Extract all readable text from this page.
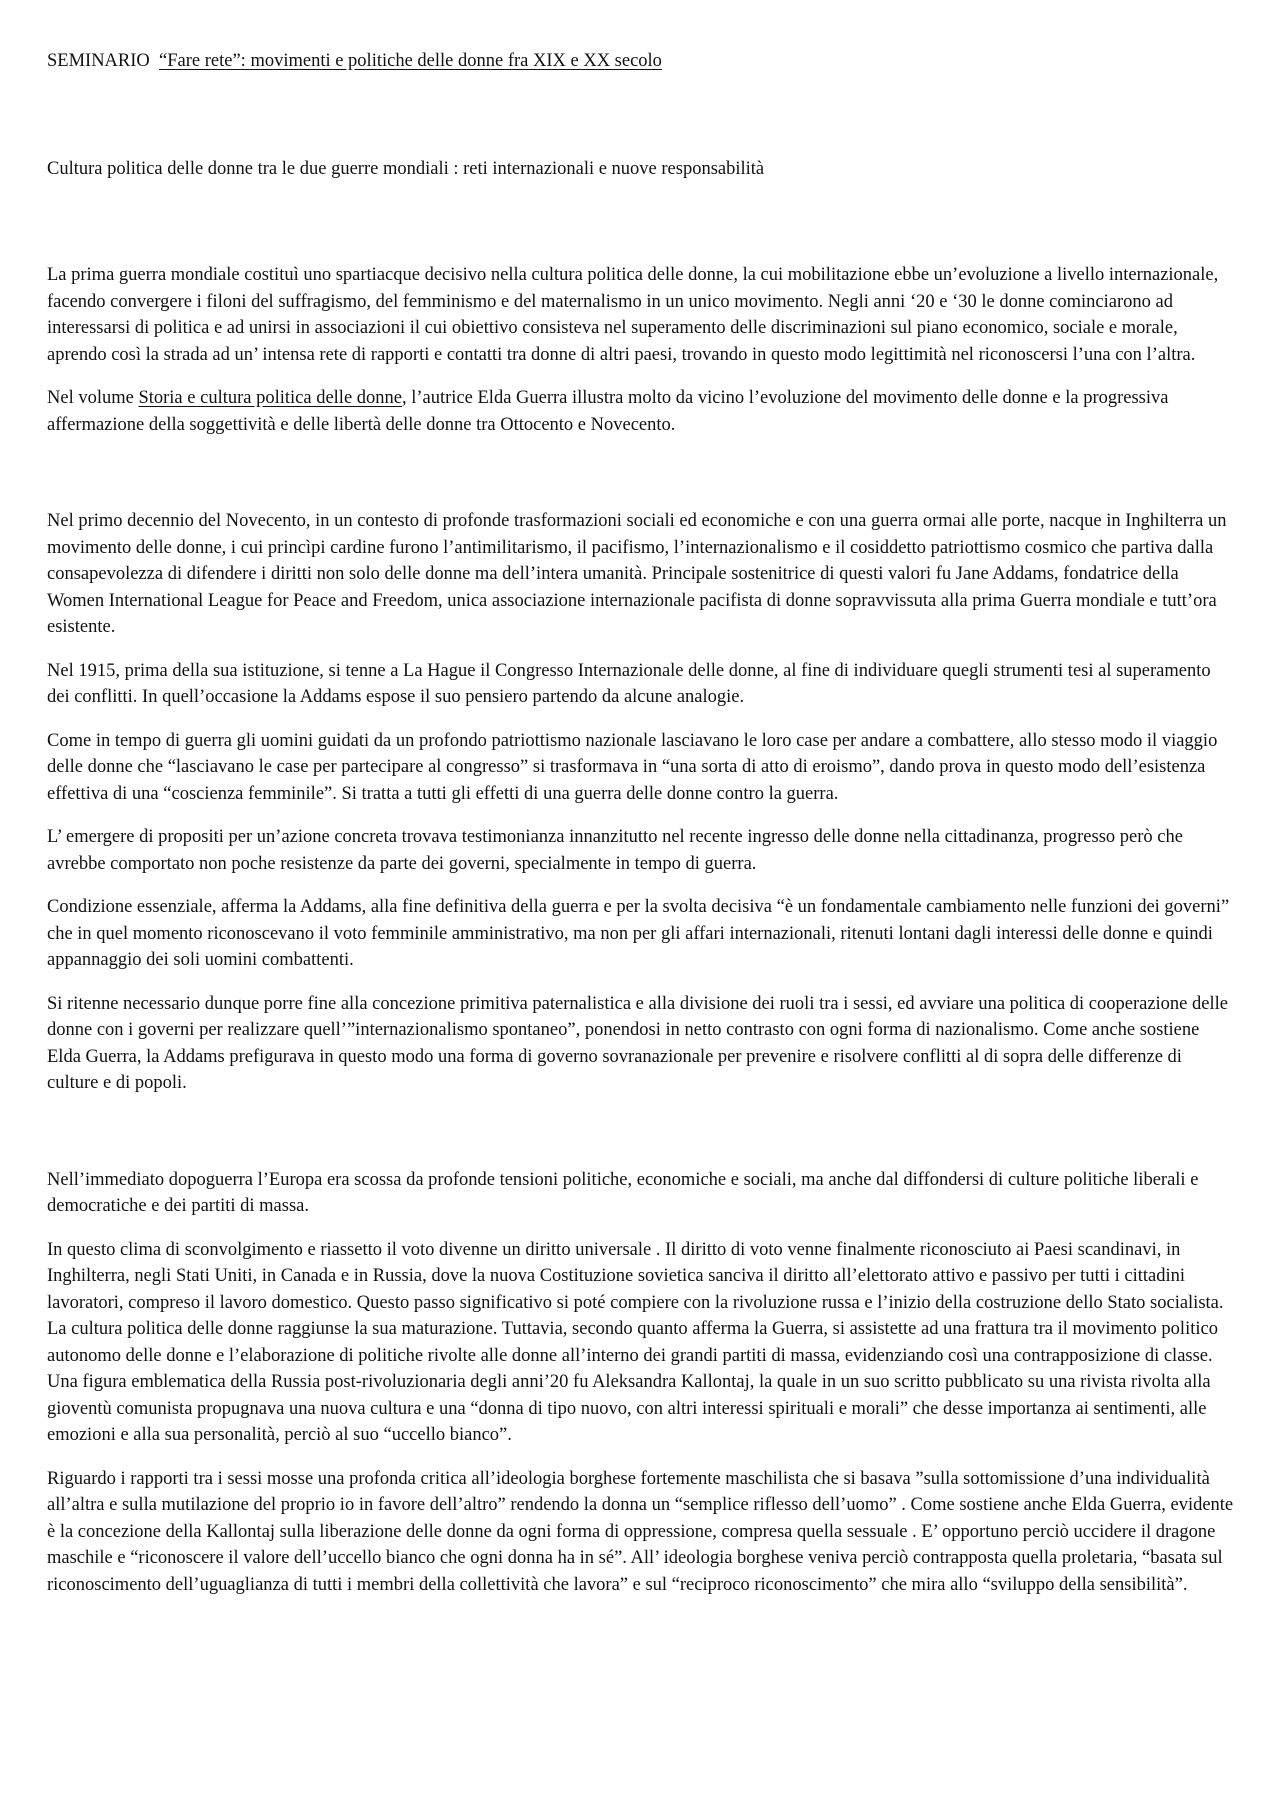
SEMINARIO “Fare rete”: movimenti e politiche delle donne fra XIX e XX secolo
Cultura politica delle donne tra le due guerre mondiali : reti internazionali e nuove responsabilità

La prima guerra mondiale costituì uno spartiacque decisivo nella cultura politica delle donne, la cui mobilitazione ebbe un’evoluzione a livello internazionale, facendo convergere i filoni del suffragismo, del femminismo e del maternalismo in un unico movimento. Negli anni ‘20 e ‘30 le donne cominciarono ad interessarsi di politica e ad unirsi in associazioni il cui obiettivo consisteva nel superamento delle discriminazioni sul piano economico, sociale e morale, aprendo così la strada ad un’ intensa rete di rapporti e contatti tra donne di altri paesi, trovando in questo modo legittimità nel riconoscersi l’una con l’altra.

Nel volume Storia e cultura politica delle donne, l’autrice Elda Guerra illustra molto da vicino l’evoluzione del movimento delle donne e la progressiva affermazione della soggettività e delle libertà delle donne tra Ottocento e Novecento.

Nel primo decennio del Novecento, in un contesto di profonde trasformazioni sociali ed economiche e con una guerra ormai alle porte, nacque in Inghilterra un movimento delle donne, i cui princìpi cardine furono l’antimilitarismo, il pacifismo, l’internazionalismo e il cosiddetto patriottismo cosmico che partiva dalla consapevolezza di difendere i diritti non solo delle donne ma dell’intera umanità. Principale sostenitrice di questi valori fu Jane Addams, fondatrice della Women International League for Peace and Freedom, unica associazione internazionale pacifista di donne sopravvissuta alla prima Guerra mondiale e tutt’ora esistente.

Nel 1915, prima della sua istituzione, si tenne a La Hague il Congresso Internazionale delle donne, al fine di individuare quegli strumenti tesi al superamento dei conflitti. In quell’occasione la Addams espose il suo pensiero partendo da alcune analogie.

Come in tempo di guerra gli uomini guidati da un profondo patriottismo nazionale lasciavano le loro case per andare a combattere, allo stesso modo il viaggio delle donne che “lasciavano le case per partecipare al congresso” si trasformava in “una sorta di atto di eroismo”, dando prova in questo modo dell’esistenza effettiva di una “coscienza femminile”. Si tratta a tutti gli effetti di una guerra delle donne contro la guerra.

L’ emergere di propositi per un’azione concreta trovava testimonianza innanzitutto nel recente ingresso delle donne nella cittadinanza, progresso però che avrebbe comportato non poche resistenze da parte dei governi, specialmente in tempo di guerra.

Condizione essenziale, afferma la Addams, alla fine definitiva della guerra e per la svolta decisiva “è un fondamentale cambiamento nelle funzioni dei governi” che in quel momento riconoscevano il voto femminile amministrativo, ma non per gli affari internazionali, ritenuti lontani dagli interessi delle donne e quindi appannaggio dei soli uomini combattenti.

Si ritenne necessario dunque porre fine alla concezione primitiva paternalistica e alla divisione dei ruoli tra i sessi, ed avviare una politica di cooperazione delle donne con i governi per realizzare quell’”internazionalismo spontaneo”, ponendosi in netto contrasto con ogni forma di nazionalismo. Come anche sostiene Elda Guerra, la Addams prefigurava in questo modo una forma di governo sovranazionale per prevenire e risolvere conflitti al di sopra delle differenze di culture e di popoli.

Nell’immediato dopoguerra l’Europa era scossa da profonde tensioni politiche, economiche e sociali, ma anche dal diffondersi di culture politiche liberali e democratiche e dei partiti di massa.

In questo clima di sconvolgimento e riassetto il voto divenne un diritto universale . Il diritto di voto venne finalmente riconosciuto ai Paesi scandinavi, in Inghilterra, negli Stati Uniti, in Canada e in Russia, dove la nuova Costituzione sovietica sanciva il diritto all’elettorato attivo e passivo per tutti i cittadini lavoratori, compreso il lavoro domestico. Questo passo significativo si poté compiere con la rivoluzione russa e l’inizio della costruzione dello Stato socialista. La cultura politica delle donne raggiunse la sua maturazione. Tuttavia, secondo quanto afferma la Guerra, si assistette ad una frattura tra il movimento politico autonomo delle donne e l’elaborazione di politiche rivolte alle donne all’interno dei grandi partiti di massa, evidenziando così una contrapposizione di classe. Una figura emblematica della Russia post-rivoluzionaria degli anni’20 fu Aleksandra Kallontaj, la quale in un suo scritto pubblicato su una rivista rivolta alla gioventù comunista propugnava una nuova cultura e una “donna di tipo nuovo, con altri interessi spirituali e morali” che desse importanza ai sentimenti, alle emozioni e alla sua personalità, perciò al suo “uccello bianco”.

Riguardo i rapporti tra i sessi mosse una profonda critica all’ideologia borghese fortemente maschilista che si basava ”sulla sottomissione d’una individualità all’altra e sulla mutilazione del proprio io in favore dell’altro” rendendo la donna un “semplice riflesso dell’uomo” . Come sostiene anche Elda Guerra, evidente è la concezione della Kallontaj sulla liberazione delle donne da ogni forma di oppressione, compresa quella sessuale . E’ opportuno perciò uccidere il dragone maschile e “riconoscere il valore dell’uccello bianco che ogni donna ha in sé”. All’ ideologia borghese veniva perciò contrapposta quella proletaria, “basata sul riconoscimento dell’uguaglianza di tutti i membri della collettività che lavora” e sul “reciproco riconoscimento” che mira allo “sviluppo della sensibilità”.
